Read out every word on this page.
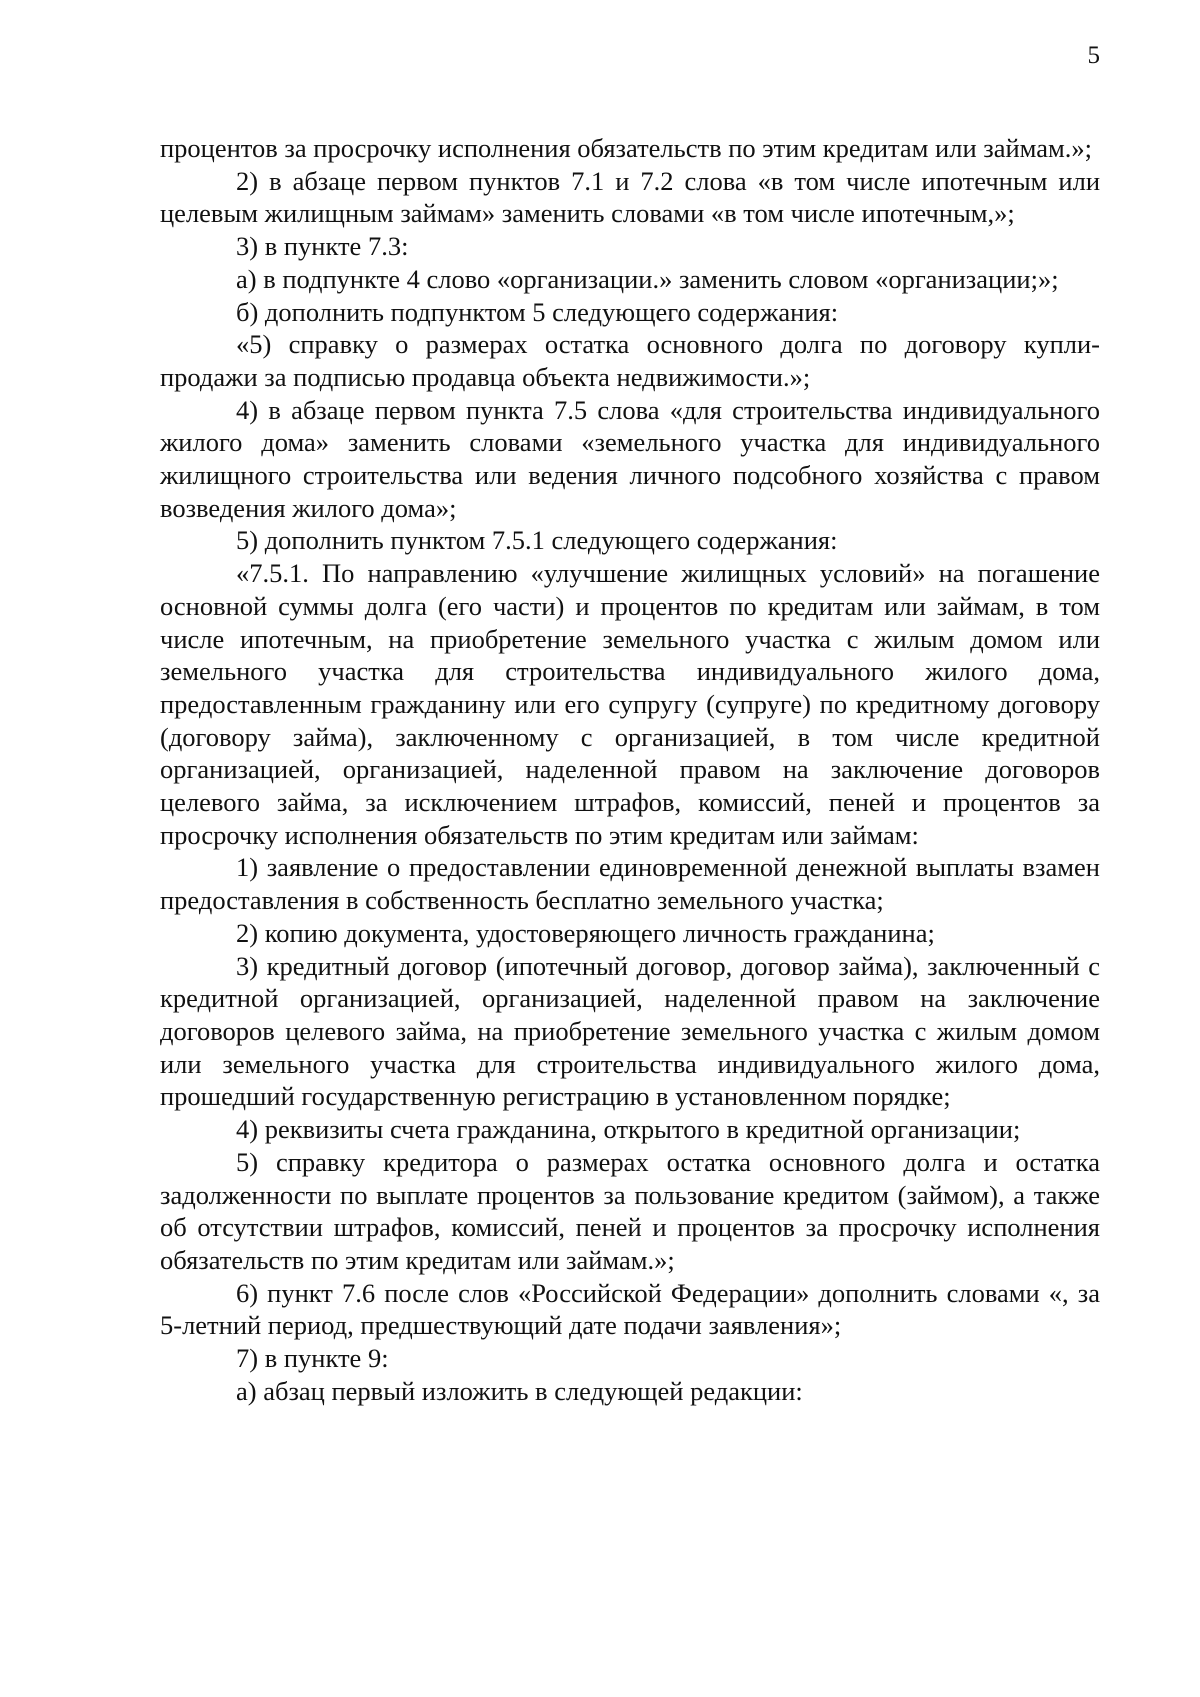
5

процентов за просрочку исполнения обязательств по этим кредитам или займам.»;

2) в абзаце первом пунктов 7.1 и 7.2 слова «в том числе ипотечным или целевым жилищным займам» заменить словами «в том числе ипотечным,»;

3) в пункте 7.3:

а) в подпункте 4 слово «организации.» заменить словом «организации;»;

б) дополнить подпунктом 5 следующего содержания:

«5) справку о размерах остатка основного долга по договору купли-продажи за подписью продавца объекта недвижимости.»;

4) в абзаце первом пункта 7.5 слова «для строительства индивидуального жилого дома» заменить словами «земельного участка для индивидуального жилищного строительства или ведения личного подсобного хозяйства с правом возведения жилого дома»;

5) дополнить пунктом 7.5.1 следующего содержания:

«7.5.1. По направлению «улучшение жилищных условий» на погашение основной суммы долга (его части) и процентов по кредитам или займам, в том числе ипотечным, на приобретение земельного участка с жилым домом или земельного участка для строительства индивидуального жилого дома, предоставленным гражданину или его супругу (супруге) по кредитному договору (договору займа), заключенному с организацией, в том числе кредитной организацией, организацией, наделенной правом на заключение договоров целевого займа, за исключением штрафов, комиссий, пеней и процентов за просрочку исполнения обязательств по этим кредитам или займам:

1) заявление о предоставлении единовременной денежной выплаты взамен предоставления в собственность бесплатно земельного участка;

2) копию документа, удостоверяющего личность гражданина;

3) кредитный договор (ипотечный договор, договор займа), заключенный с кредитной организацией, организацией, наделенной правом на заключение договоров целевого займа, на приобретение земельного участка с жилым домом или земельного участка для строительства индивидуального жилого дома, прошедший государственную регистрацию в установленном порядке;

4) реквизиты счета гражданина, открытого в кредитной организации;

5) справку кредитора о размерах остатка основного долга и остатка задолженности по выплате процентов за пользование кредитом (займом), а также об отсутствии штрафов, комиссий, пеней и процентов за просрочку исполнения обязательств по этим кредитам или займам.»;

6) пункт 7.6 после слов «Российской Федерации» дополнить словами «, за 5-летний период, предшествующий дате подачи заявления»;

7) в пункте 9:

а) абзац первый изложить в следующей редакции:
